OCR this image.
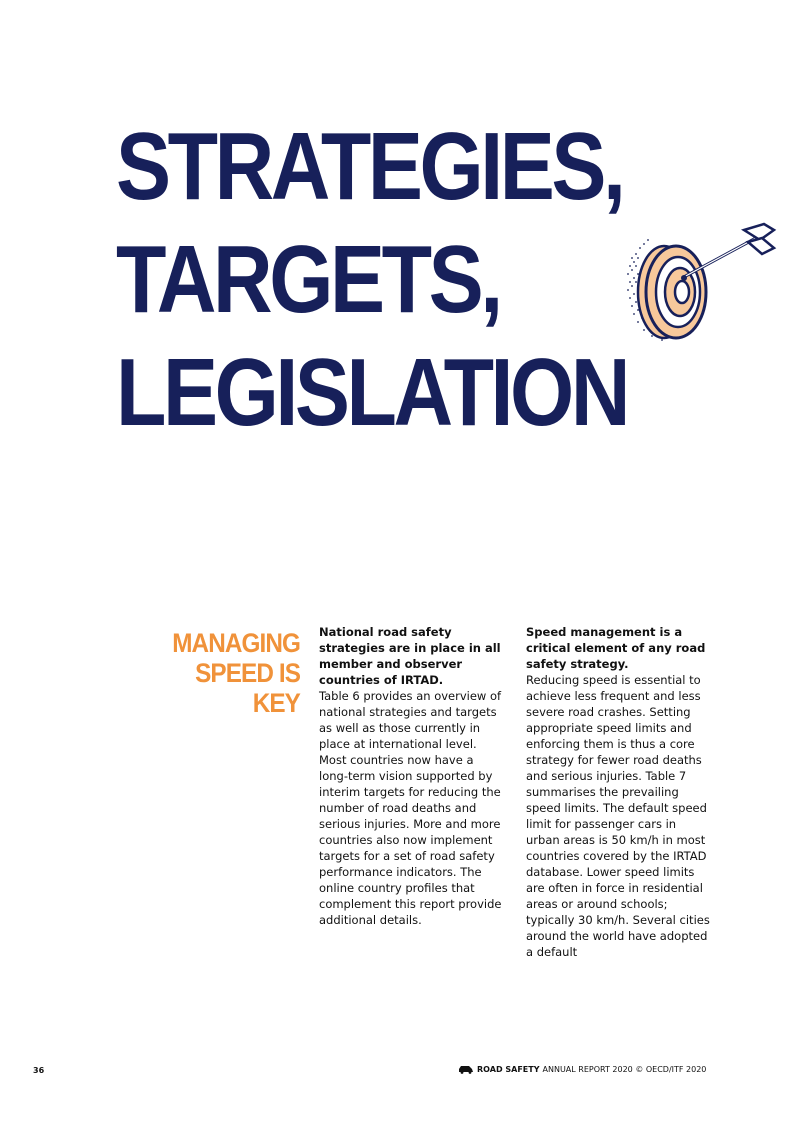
STRATEGIES,
TARGETS,
LEGISLATION
MANAGING
SPEED IS
KEY

National road safety strategies are in place in all member and observer countries of IRTAD.

Table 6 provides an overview of national strategies and targets as well as those currently in place at international level. Most countries now have a long-term vision supported by interim targets for reducing the number of road deaths and serious injuries. More and more countries also now implement targets for a set of road safety performance indicators. The online country profiles that complement this report provide additional details.

Speed management is a critical element of any road safety strategy.

Reducing speed is essential to achieve less frequent and less severe road crashes. Setting appropriate speed limits and enforcing them is thus a core strategy for fewer road deaths and serious injuries. Table 7 summarises the prevailing speed limits. The default speed limit for passenger cars in urban areas is 50 km/h in most countries covered by the IRTAD database. Lower speed limits are often in force in residential areas or around schools; typically 30 km/h. Several cities around the world have adopted a default

36	ROAD SAFETY ANNUAL REPORT 2020 © OECD/ITF 2020
